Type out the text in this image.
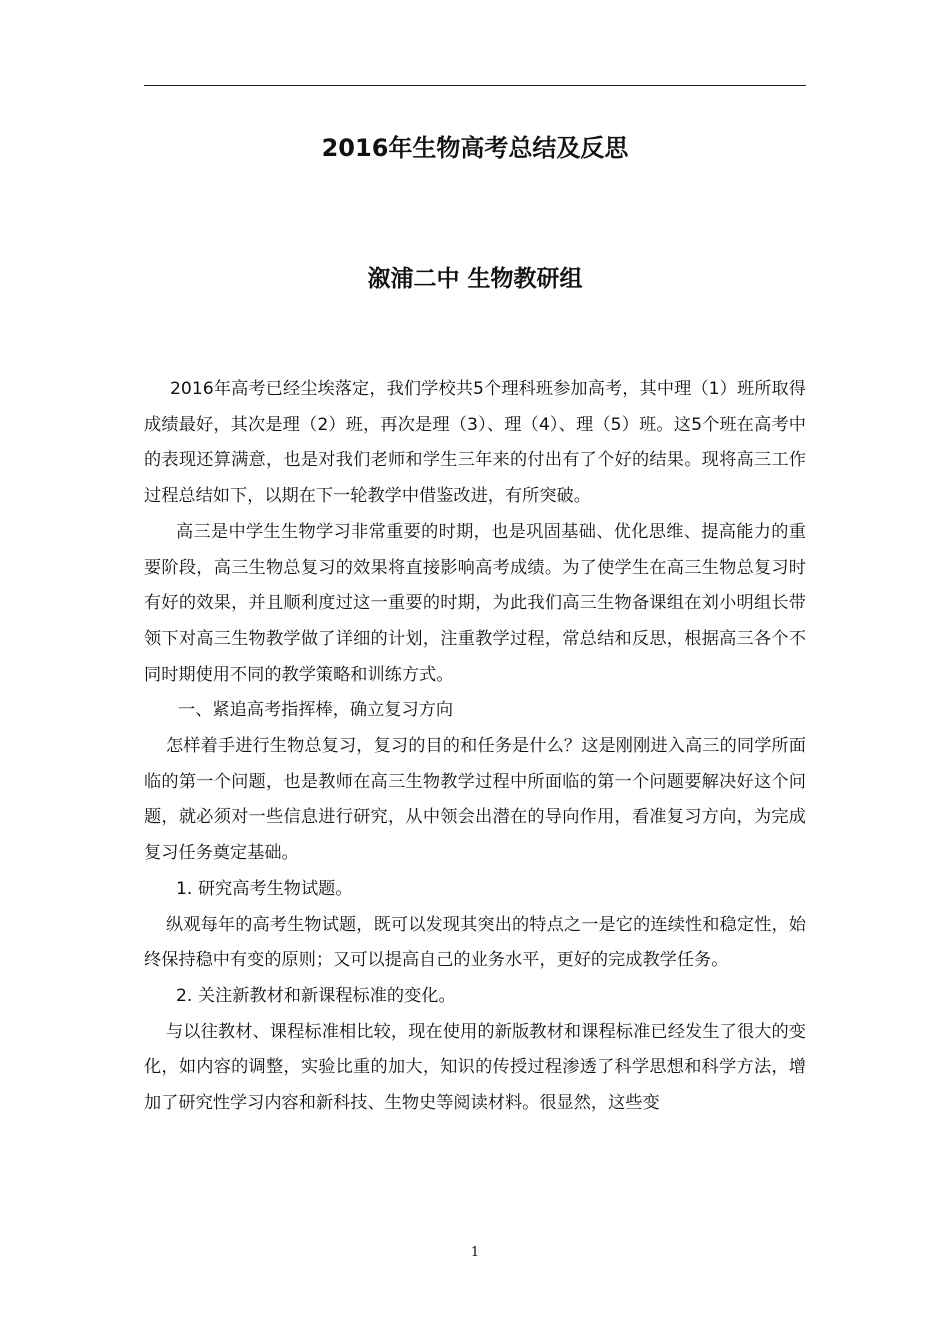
2016年生物高考总结及反思
溆浦二中 生物教研组

2016年高考已经尘埃落定，我们学校共5个理科班参加高考，其中理（1）班所取得成绩最好，其次是理（2）班，再次是理（3）、理（4）、理（5）班。这5个班在高考中的表现还算满意，也是对我们老师和学生三年来的付出有了个好的结果。现将高三工作过程总结如下，以期在下一轮教学中借鉴改进，有所突破。

高三是中学生生物学习非常重要的时期，也是巩固基础、优化思维、提高能力的重要阶段，高三生物总复习的效果将直接影响高考成绩。为了使学生在高三生物总复习时有好的效果，并且顺利度过这一重要的时期，为此我们高三生物备课组在刘小明组长带领下对高三生物教学做了详细的计划，注重教学过程，常总结和反思，根据高三各个不同时期使用不同的教学策略和训练方式。

一、紧追高考指挥棒，确立复习方向

怎样着手进行生物总复习，复习的目的和任务是什么？这是刚刚进入高三的同学所面临的第一个问题，也是教师在高三生物教学过程中所面临的第一个问题要解决好这个问题，就必须对一些信息进行研究，从中领会出潜在的导向作用，看准复习方向，为完成复习任务奠定基础。

1. 研究高考生物试题。

纵观每年的高考生物试题，既可以发现其突出的特点之一是它的连续性和稳定性，始终保持稳中有变的原则；又可以提高自己的业务水平，更好的完成教学任务。

2. 关注新教材和新课程标准的变化。

与以往教材、课程标准相比较，现在使用的新版教材和课程标准已经发生了很大的变化，如内容的调整，实验比重的加大，知识的传授过程渗透了科学思想和科学方法，增加了研究性学习内容和新科技、生物史等阅读材料。很显然，这些变

1
